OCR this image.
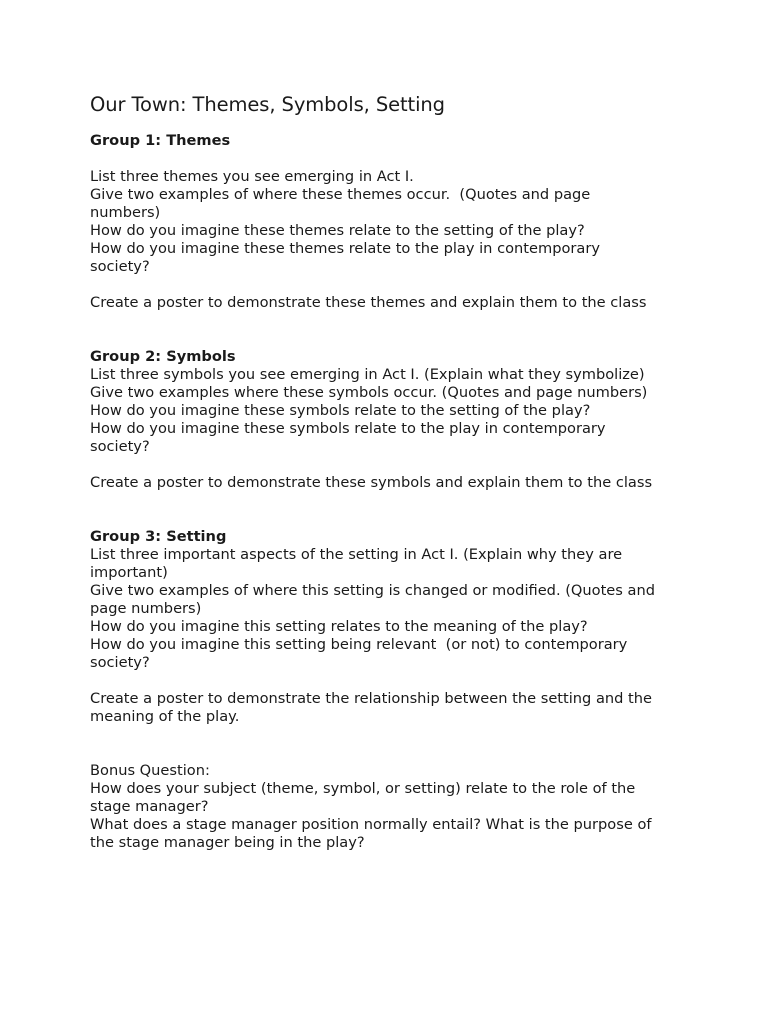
Our Town: Themes, Symbols, Setting

Group 1: Themes

List three themes you see emerging in Act I.

Give two examples of where these themes occur.  (Quotes and page
numbers)

How do you imagine these themes relate to the setting of the play?

How do you imagine these themes relate to the play in contemporary
society?

Create a poster to demonstrate these themes and explain them to the class

Group 2: Symbols

List three symbols you see emerging in Act I. (Explain what they symbolize)

Give two examples where these symbols occur. (Quotes and page numbers)

How do you imagine these symbols relate to the setting of the play?

How do you imagine these symbols relate to the play in contemporary
society?

Create a poster to demonstrate these symbols and explain them to the class

Group 3: Setting

List three important aspects of the setting in Act I. (Explain why they are
important)

Give two examples of where this setting is changed or modified. (Quotes and
page numbers)

How do you imagine this setting relates to the meaning of the play?

How do you imagine this setting being relevant  (or not) to contemporary
society?

Create a poster to demonstrate the relationship between the setting and the
meaning of the play.

Bonus Question:

How does your subject (theme, symbol, or setting) relate to the role of the
stage manager?

What does a stage manager position normally entail? What is the purpose of
the stage manager being in the play?
